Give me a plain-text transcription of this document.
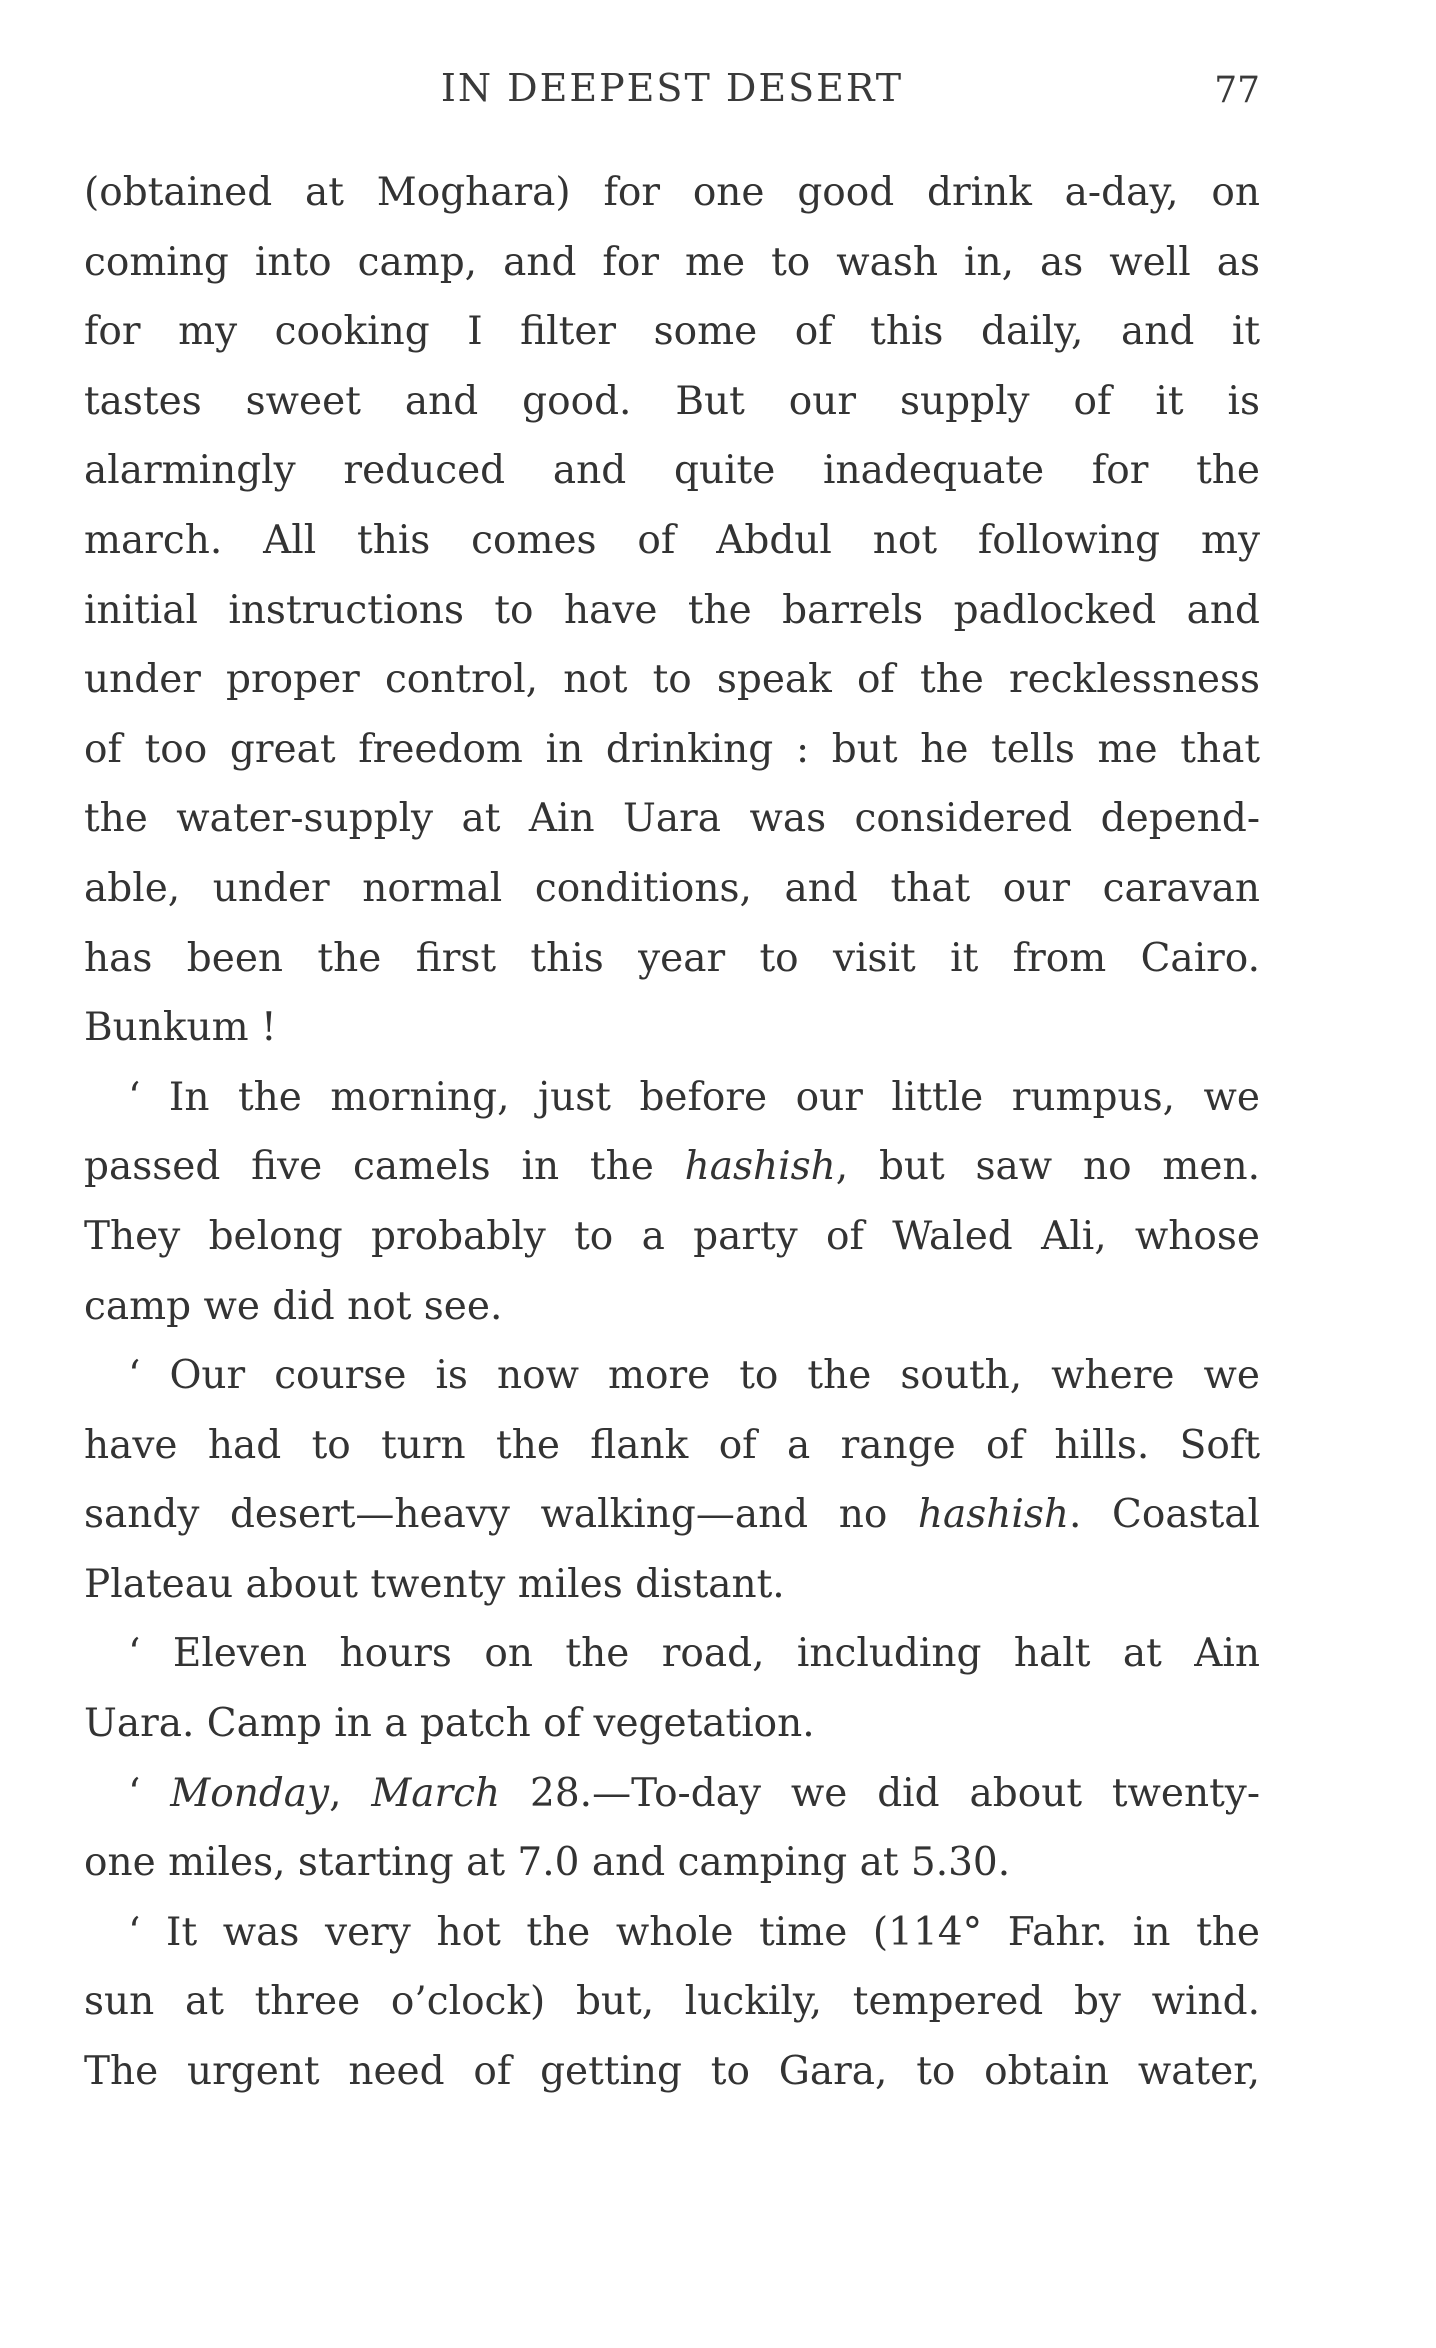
IN DEEPEST DESERT	77
(obtained at Moghara) for one good drink a-day, on
coming into camp, and for me to wash in, as well as
for my cooking I filter some of this daily, and it
tastes sweet and good. But our supply of it is
alarmingly reduced and quite inadequate for the
march. All this comes of Abdul not following my
initial instructions to have the barrels padlocked and
under proper control, not to speak of the recklessness
of too great freedom in drinking : but he tells me that
the water-supply at Ain Uara was considered depend-
able, under normal conditions, and that our caravan
has been the first this year to visit it from Cairo.
Bunkum !
‘ In the morning, just before our little rumpus, we
passed five camels in the hashish, but saw no men.
They belong probably to a party of Waled Ali, whose
camp we did not see.
‘ Our course is now more to the south, where we
have had to turn the flank of a range of hills. Soft
sandy desert—heavy walking—and no hashish. Coastal
Plateau about twenty miles distant.
‘ Eleven hours on the road, including halt at Ain
Uara. Camp in a patch of vegetation.
‘ Monday, March 28.—To-day we did about twenty-
one miles, starting at 7.0 and camping at 5.30.
‘ It was very hot the whole time (114° Fahr. in the
sun at three o’clock) but, luckily, tempered by wind.
The urgent need of getting to Gara, to obtain water,
